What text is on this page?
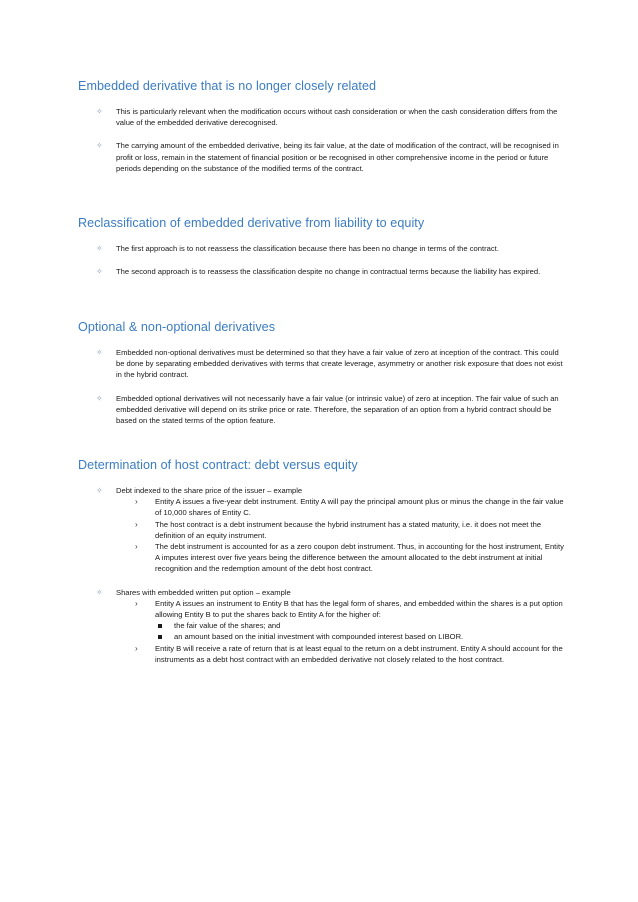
Embedded derivative that is no longer closely related
✧ This is particularly relevant when the modification occurs without cash consideration or when the cash consideration differs from the value of the embedded derivative derecognised.
✧ The carrying amount of the embedded derivative, being its fair value, at the date of modification of the contract, will be recognised in profit or loss, remain in the statement of financial position or be recognised in other comprehensive income in the period or future periods depending on the substance of the modified terms of the contract.
Reclassification of embedded derivative from liability to equity
✧ The first approach is to not reassess the classification because there has been no change in terms of the contract.
✧ The second approach is to reassess the classification despite no change in contractual terms because the liability has expired.
Optional & non-optional derivatives
✧ Embedded non-optional derivatives must be determined so that they have a fair value of zero at inception of the contract. This could be done by separating embedded derivatives with terms that create leverage, asymmetry or another risk exposure that does not exist in the hybrid contract.
✧ Embedded optional derivatives will not necessarily have a fair value (or intrinsic value) of zero at inception. The fair value of such an embedded derivative will depend on its strike price or rate. Therefore, the separation of an option from a hybrid contract should be based on the stated terms of the option feature.
Determination of host contract: debt versus equity
✧ Debt indexed to the share price of the issuer – example
› Entity A issues a five-year debt instrument. Entity A will pay the principal amount plus or minus the change in the fair value of 10,000 shares of Entity C.
› The host contract is a debt instrument because the hybrid instrument has a stated maturity, i.e. it does not meet the definition of an equity instrument.
› The debt instrument is accounted for as a zero coupon debt instrument. Thus, in accounting for the host instrument, Entity A imputes interest over five years being the difference between the amount allocated to the debt instrument at initial recognition and the redemption amount of the debt host contract.
✧ Shares with embedded written put option – example
› Entity A issues an instrument to Entity B that has the legal form of shares, and embedded within the shares is a put option allowing Entity B to put the shares back to Entity A for the higher of:
the fair value of the shares; and
an amount based on the initial investment with compounded interest based on LIBOR.
› Entity B will receive a rate of return that is at least equal to the return on a debt instrument. Entity A should account for the instruments as a debt host contract with an embedded derivative not closely related to the host contract.
